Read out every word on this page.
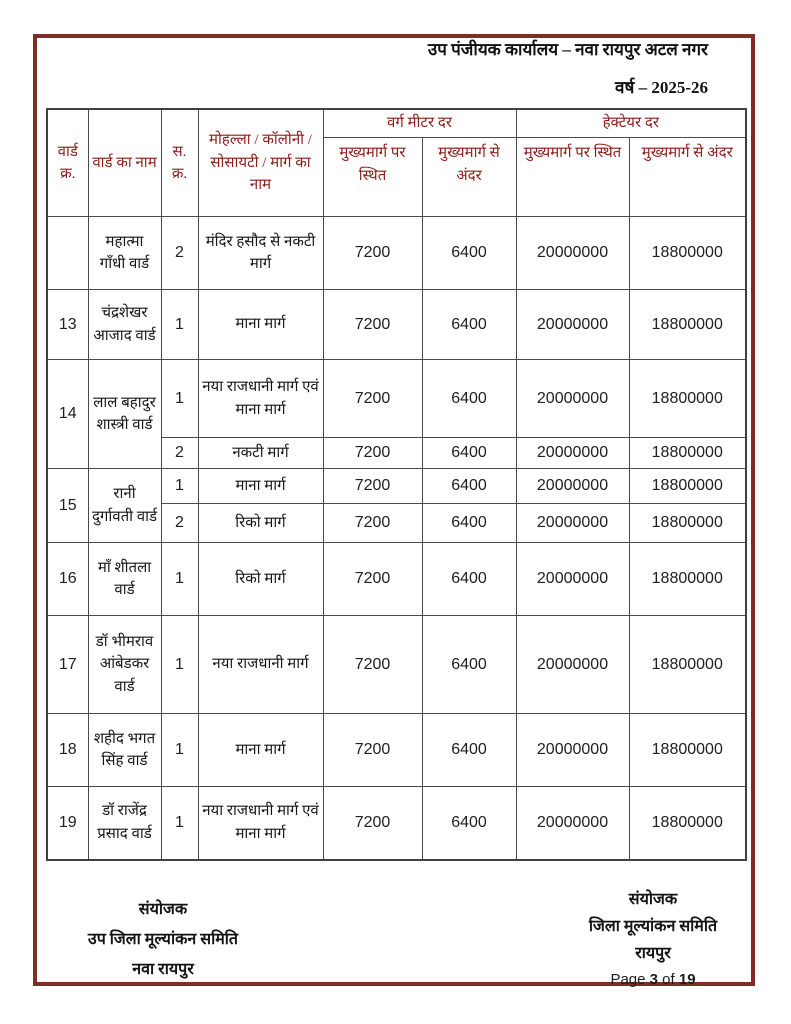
उप पंजीयक कार्यालय – नवा रायपुर अटल नगर
वर्ष – 2025-26
वार्ड क्र.	वार्ड का नाम	स. क्र.	मोहल्ला / कॉलोनी / सोसायटी / मार्ग का नाम	वर्ग मीटर दर		हेक्टेयर दर	
				मुख्यमार्ग पर स्थित	मुख्यमार्ग से अंदर	मुख्यमार्ग पर स्थित	मुख्यमार्ग से अंदर
	महात्मा गाँधी वार्ड	2	मंदिर हसौद से नकटी मार्ग	7200	6400	20000000	18800000
13	चंद्रशेखर आजाद वार्ड	1	माना मार्ग	7200	6400	20000000	18800000
14	लाल बहादुर शास्त्री वार्ड	1	नया राजधानी मार्ग एवं माना मार्ग	7200	6400	20000000	18800000
		2	नकटी मार्ग	7200	6400	20000000	18800000
15	रानी दुर्गावती वार्ड	1	माना मार्ग	7200	6400	20000000	18800000
		2	रिको मार्ग	7200	6400	20000000	18800000
16	माँ शीतला वार्ड	1	रिको मार्ग	7200	6400	20000000	18800000
17	डॉ भीमराव आंबेडकर वार्ड	1	नया राजधानी मार्ग	7200	6400	20000000	18800000
18	शहीद भगत सिंह वार्ड	1	माना मार्ग	7200	6400	20000000	18800000
19	डॉ राजेंद्र प्रसाद वार्ड	1	नया राजधानी मार्ग एवं माना मार्ग	7200	6400	20000000	18800000
संयोजक
उप जिला मूल्यांकन समिति
नवा रायपुर
संयोजक
जिला मूल्यांकन समिति
रायपुर
Page 3 of 19
